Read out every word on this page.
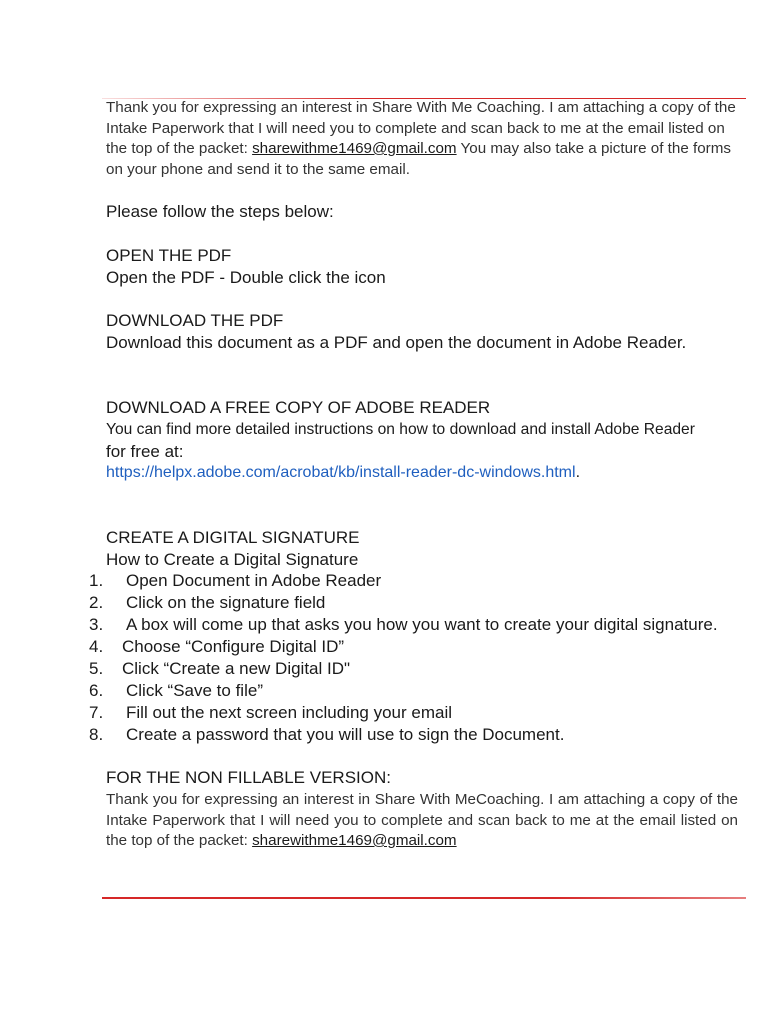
Thank you for expressing an interest in Share With Me Coaching. I am attaching a copy of the Intake Paperwork that I will need you to complete and scan back to me at the email listed on the top of the packet: sharewithme1469@gmail.com You may also take a picture of the forms on your phone and send it to the same email.

Please follow the steps below:
OPEN THE PDF
Open the PDF - Double click the icon
DOWNLOAD THE PDF
Download this document as a PDF and open the document in Adobe Reader.
DOWNLOAD A FREE COPY OF ADOBE READER
You can find more detailed instructions on how to download and install Adobe Reader
for free at:
https://helpx.adobe.com/acrobat/kb/install-reader-dc-windows.html.
CREATE A DIGITAL SIGNATURE
How to Create a Digital Signature
1. Open Document in Adobe Reader
2. Click on the signature field
3. A box will come up that asks you how you want to create your digital signature.
4. Choose “Configure Digital ID”
5. Click “Create a new Digital ID"
6. Click “Save to file”
7. Fill out the next screen including your email
8. Create a password that you will use to sign the Document.
FOR THE NON FILLABLE VERSION:

Thank you for expressing an interest in Share With MeCoaching. I am attaching a copy of the Intake Paperwork that I will need you to complete and scan back to me at the email listed on the top of the packet: sharewithme1469@gmail.com
